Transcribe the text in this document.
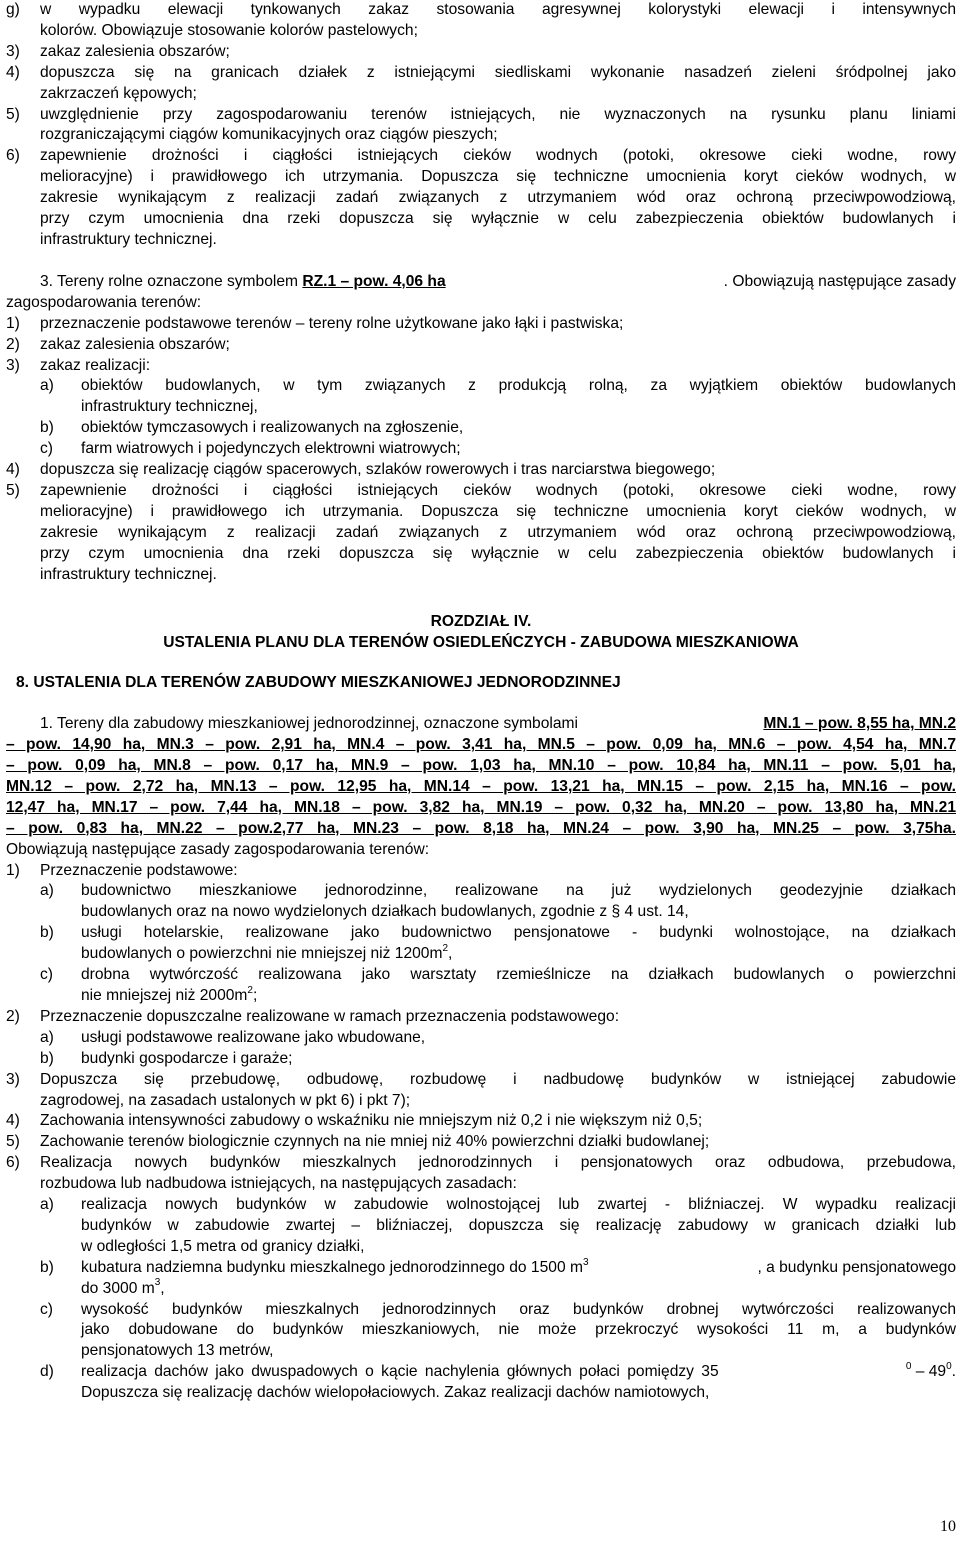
g)	w wypadku elewacji tynkowanych zakaz stosowania agresywnej kolorystyki elewacji i intensywnych
kolorów. Obowiązuje stosowanie kolorów pastelowych;
3)	zakaz zalesienia obszarów;
4)	dopuszcza się na granicach działek z istniejącymi siedliskami wykonanie nasadzeń zieleni śródpolnej jako
zakrzaczeń kępowych;
5)	uwzględnienie przy zagospodarowaniu terenów istniejących, nie wyznaczonych na rysunku planu liniami
rozgraniczającymi ciągów komunikacyjnych oraz ciągów pieszych;
6)	zapewnienie drożności i ciągłości istniejących cieków wodnych (potoki, okresowe cieki wodne, rowy
melioracyjne) i prawidłowego ich utrzymania. Dopuszcza się techniczne umocnienia koryt cieków wodnych, w
zakresie wynikającym z realizacji zadań związanych z utrzymaniem wód oraz ochroną przeciwpowodziową,
przy czym umocnienia dna rzeki dopuszcza się wyłącznie w celu zabezpieczenia obiektów budowlanych i
infrastruktury technicznej.
3. Tereny rolne oznaczone symbolem RZ.1 – pow. 4,06 ha	. Obowiązują następujące zasady
zagospodarowania terenów:
1)	przeznaczenie podstawowe terenów – tereny rolne użytkowane jako łąki i pastwiska;
2)	zakaz zalesienia obszarów;
3)	zakaz realizacji:
a)	obiektów budowlanych, w tym związanych z produkcją rolną, za wyjątkiem obiektów budowlanych
infrastruktury technicznej,
b)	obiektów tymczasowych i realizowanych na zgłoszenie,
c)	farm wiatrowych i pojedynczych elektrowni wiatrowych;
4)	dopuszcza się realizację ciągów spacerowych, szlaków rowerowych i tras narciarstwa biegowego;
5)	zapewnienie drożności i ciągłości istniejących cieków wodnych (potoki, okresowe cieki wodne, rowy
melioracyjne) i prawidłowego ich utrzymania. Dopuszcza się techniczne umocnienia koryt cieków wodnych, w
zakresie wynikającym z realizacji zadań związanych z utrzymaniem wód oraz ochroną przeciwpowodziową,
przy czym umocnienia dna rzeki dopuszcza się wyłącznie w celu zabezpieczenia obiektów budowlanych i
infrastruktury technicznej.
ROZDZIAŁ IV.
USTALENIA PLANU DLA TERENÓW OSIEDLEŃCZYCH - ZABUDOWA MIESZKANIOWA
8. USTALENIA DLA TERENÓW ZABUDOWY MIESZKANIOWEJ JEDNORODZINNEJ
1. Tereny dla zabudowy mieszkaniowej jednorodzinnej, oznaczone symbolami	MN.1 – pow. 8,55 ha, MN.2
– pow. 14,90 ha, MN.3 – pow. 2,91 ha, MN.4 – pow. 3,41 ha, MN.5 – pow. 0,09 ha, MN.6 – pow. 4,54 ha, MN.7
– pow. 0,09 ha, MN.8 – pow. 0,17 ha, MN.9 – pow. 1,03 ha, MN.10 – pow. 10,84 ha, MN.11 – pow. 5,01 ha,
MN.12 – pow. 2,72 ha, MN.13 – pow. 12,95 ha, MN.14 – pow. 13,21 ha, MN.15 – pow. 2,15 ha, MN.16 – pow.
12,47 ha, MN.17 – pow. 7,44 ha, MN.18 – pow. 3,82 ha, MN.19 – pow. 0,32 ha, MN.20 – pow. 13,80 ha, MN.21
– pow. 0,83 ha, MN.22 – pow.2,77 ha, MN.23 – pow. 8,18 ha, MN.24 – pow. 3,90 ha, MN.25 – pow. 3,75ha.
Obowiązują następujące zasady zagospodarowania terenów:
1)	Przeznaczenie podstawowe:
a)	budownictwo mieszkaniowe jednorodzinne, realizowane na już wydzielonych geodezyjnie działkach
budowlanych oraz na nowo wydzielonych działkach budowlanych, zgodnie z § 4 ust. 14,
b)	usługi hotelarskie, realizowane jako budownictwo pensjonatowe - budynki wolnostojące, na działkach
budowlanych o powierzchni nie mniejszej niż $1200m^2$,
c)	drobna wytwórczość realizowana jako warsztaty rzemieślnicze na działkach budowlanych o powierzchni
nie mniejszej niż $2000m^2$;
2)	Przeznaczenie dopuszczalne realizowane w ramach przeznaczenia podstawowego:
a)	usługi podstawowe realizowane jako wbudowane,
b)	budynki gospodarcze i garaże;
3)	Dopuszcza się przebudowę, odbudowę, rozbudowę i nadbudowę budynków w istniejącej zabudowie
zagrodowej, na zasadach ustalonych w pkt 6) i pkt 7);
4)	Zachowania intensywności zabudowy o wskaźniku nie mniejszym niż 0,2 i nie większym niż 0,5;
5)	Zachowanie terenów biologicznie czynnych na nie mniej niż 40% powierzchni działki budowlanej;
6)	Realizacja nowych budynków mieszkalnych jednorodzinnych i pensjonatowych oraz odbudowa, przebudowa,
rozbudowa lub nadbudowa istniejących, na następujących zasadach:
a)	realizacja nowych budynków w zabudowie wolnostojącej lub zwartej - bliźniaczej. W wypadku realizacji
budynków w zabudowie zwartej – bliźniaczej, dopuszcza się realizację zabudowy w granicach działki lub
w odległości 1,5 metra od granicy działki,
b)	kubatura nadziemna budynku mieszkalnego jednorodzinnego do 1500 $m^3$	, a budynku pensjonatowego
do 3000 $m^3$,
c)	wysokość budynków mieszkalnych jednorodzinnych oraz budynków drobnej wytwórczości realizowanych
jako dobudowane do budynków mieszkaniowych, nie może przekroczyć wysokości 11 m, a budynków
pensjonatowych 13 metrów,
d)	realizacja dachów jako dwuspadowych o kącie nachylenia głównych połaci pomiędzy 35	$^0 - 49^0$.
Dopuszcza się realizację dachów wielopołaciowych. Zakaz realizacji dachów namiotowych,
10
